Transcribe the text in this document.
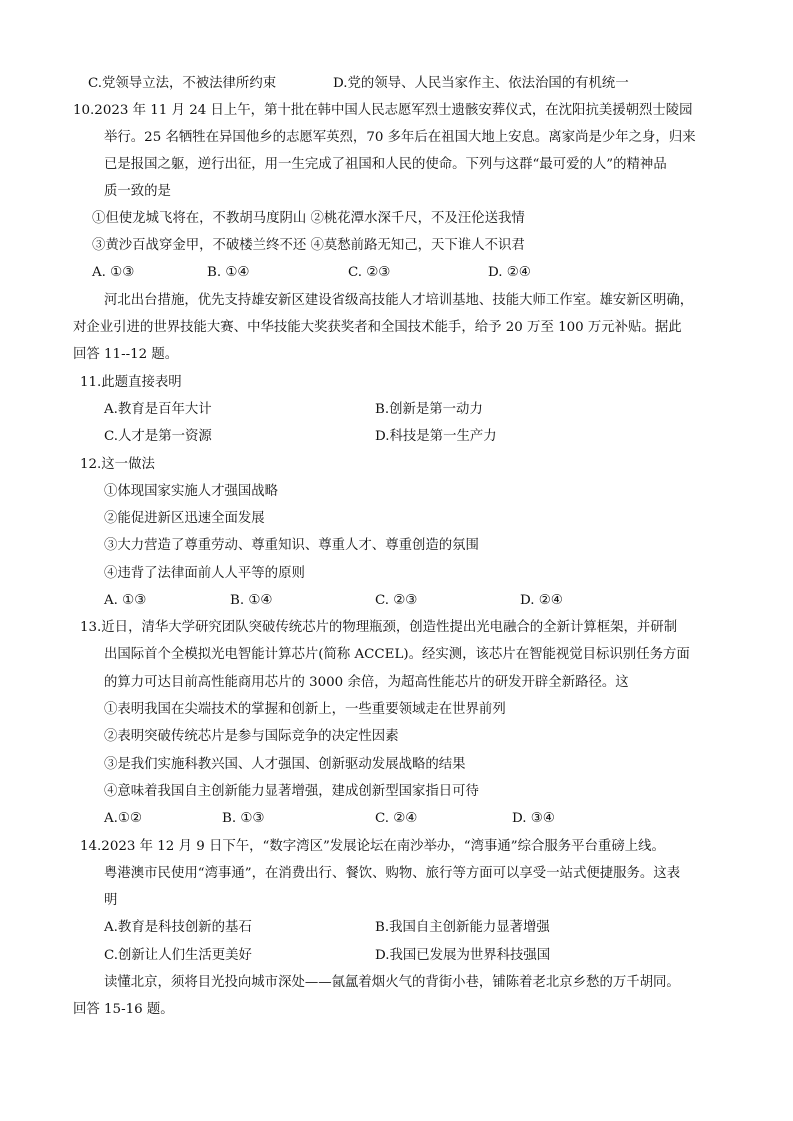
C.党领导立法，不被法律所约束	D.党的领导、人民当家作主、依法治国的有机统一
10.2023 年 11 月 24 日上午，第十批在韩中国人民志愿军烈士遗骸安葬仪式，在沈阳抗美援朝烈士陵园
举行。25 名牺牲在异国他乡的志愿军英烈，70 多年后在祖国大地上安息。离家尚是少年之身，归来
已是报国之躯，逆行出征，用一生完成了祖国和人民的使命。下列与这群“最可爱的人”的精神品
质一致的是
①但使龙城飞将在，不教胡马度阴山 ②桃花潭水深千尺，不及汪伦送我情
③黄沙百战穿金甲，不破楼兰终不还 ④莫愁前路无知己，天下谁人不识君
A. ①③	B. ①④	C. ②③	D. ②④
河北出台措施，优先支持雄安新区建设省级高技能人才培训基地、技能大师工作室。雄安新区明确，
对企业引进的世界技能大赛、中华技能大奖获奖者和全国技术能手，给予 20 万至 100 万元补贴。据此
回答 11--12 题。
11.此题直接表明
A.教育是百年大计	B.创新是第一动力
C.人才是第一资源	D.科技是第一生产力
12.这一做法
①体现国家实施人才强国战略
②能促进新区迅速全面发展
③大力营造了尊重劳动、尊重知识、尊重人才、尊重创造的氛围
④违背了法律面前人人平等的原则
A. ①③	B. ①④	C. ②③	D. ②④
13.近日，清华大学研究团队突破传统芯片的物理瓶颈，创造性提出光电融合的全新计算框架，并研制
出国际首个全模拟光电智能计算芯片(简称 ACCEL)。经实测，该芯片在智能视觉目标识别任务方面
的算力可达目前高性能商用芯片的 3000 余倍，为超高性能芯片的研发开辟全新路径。这
①表明我国在尖端技术的掌握和创新上，一些重要领域走在世界前列
②表明突破传统芯片是参与国际竞争的决定性因素
③是我们实施科教兴国、人才强国、创新驱动发展战略的结果
④意味着我国自主创新能力显著增强，建成创新型国家指日可待
A.①②	B. ①③	C. ②④	D. ③④
14.2023 年 12 月 9 日下午，“数字湾区”发展论坛在南沙举办，“湾事通”综合服务平台重磅上线。
粤港澳市民使用“湾事通”，在消费出行、餐饮、购物、旅行等方面可以享受一站式便捷服务。这表
明
A.教育是科技创新的基石	B.我国自主创新能力显著增强
C.创新让人们生活更美好	D.我国已发展为世界科技强国
读懂北京，须将目光投向城市深处——氤氲着烟火气的背街小巷，铺陈着老北京乡愁的万千胡同。
回答 15-16 题。
